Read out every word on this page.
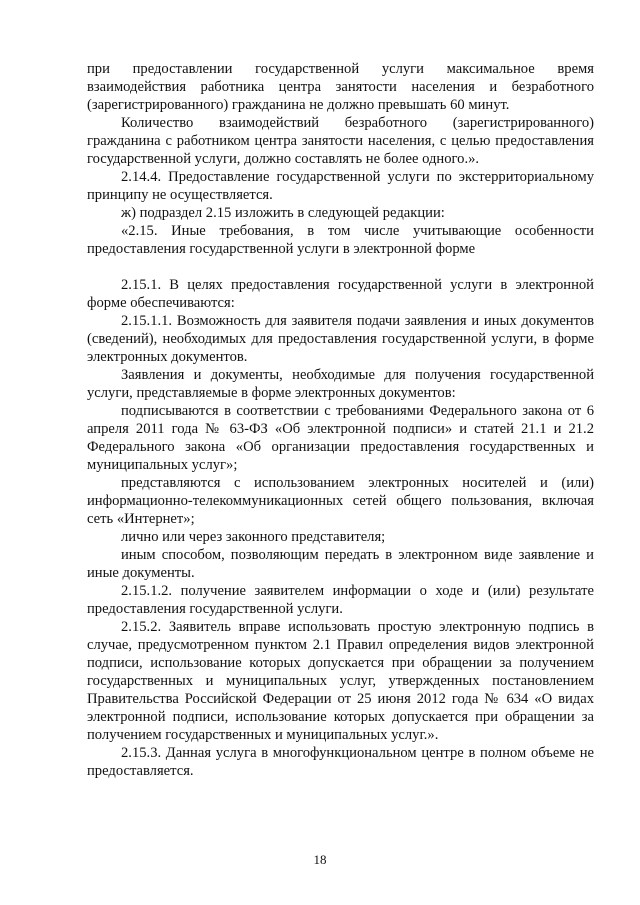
при предоставлении государственной услуги максимальное время взаимодействия работника центра занятости населения и безработного (зарегистрированного) гражданина не должно превышать 60 минут.

Количество взаимодействий безработного (зарегистрированного) гражданина с работником центра занятости населения, с целью предоставления государственной услуги, должно составлять не более одного.».

2.14.4. Предоставление государственной услуги по экстерриториальному принципу не осуществляется.

ж) подраздел 2.15 изложить в следующей редакции:

«2.15. Иные требования, в том числе учитывающие особенности предоставления государственной услуги в электронной форме

2.15.1. В целях предоставления государственной услуги в электронной форме обеспечиваются:

2.15.1.1. Возможность для заявителя подачи заявления и иных документов (сведений), необходимых для предоставления государственной услуги, в форме электронных документов.

Заявления и документы, необходимые для получения государственной услуги, представляемые в форме электронных документов:

подписываются в соответствии с требованиями Федерального закона от 6 апреля 2011 года № 63-ФЗ «Об электронной подписи» и статей 21.1 и 21.2 Федерального закона «Об организации предоставления государственных и муниципальных услуг»;

представляются с использованием электронных носителей и (или) информационно-телекоммуникационных сетей общего пользования, включая сеть «Интернет»;

лично или через законного представителя;

иным способом, позволяющим передать в электронном виде заявление и иные документы.

2.15.1.2. получение заявителем информации о ходе и (или) результате предоставления государственной услуги.

2.15.2. Заявитель вправе использовать простую электронную подпись в случае, предусмотренном пунктом 2.1 Правил определения видов электронной подписи, использование которых допускается при обращении за получением государственных и муниципальных услуг, утвержденных постановлением Правительства Российской Федерации от 25 июня 2012 года № 634 «О видах электронной подписи, использование которых допускается при обращении за получением государственных и муниципальных услуг.».

2.15.3. Данная услуга в многофункциональном центре в полном объеме не предоставляется.

18
